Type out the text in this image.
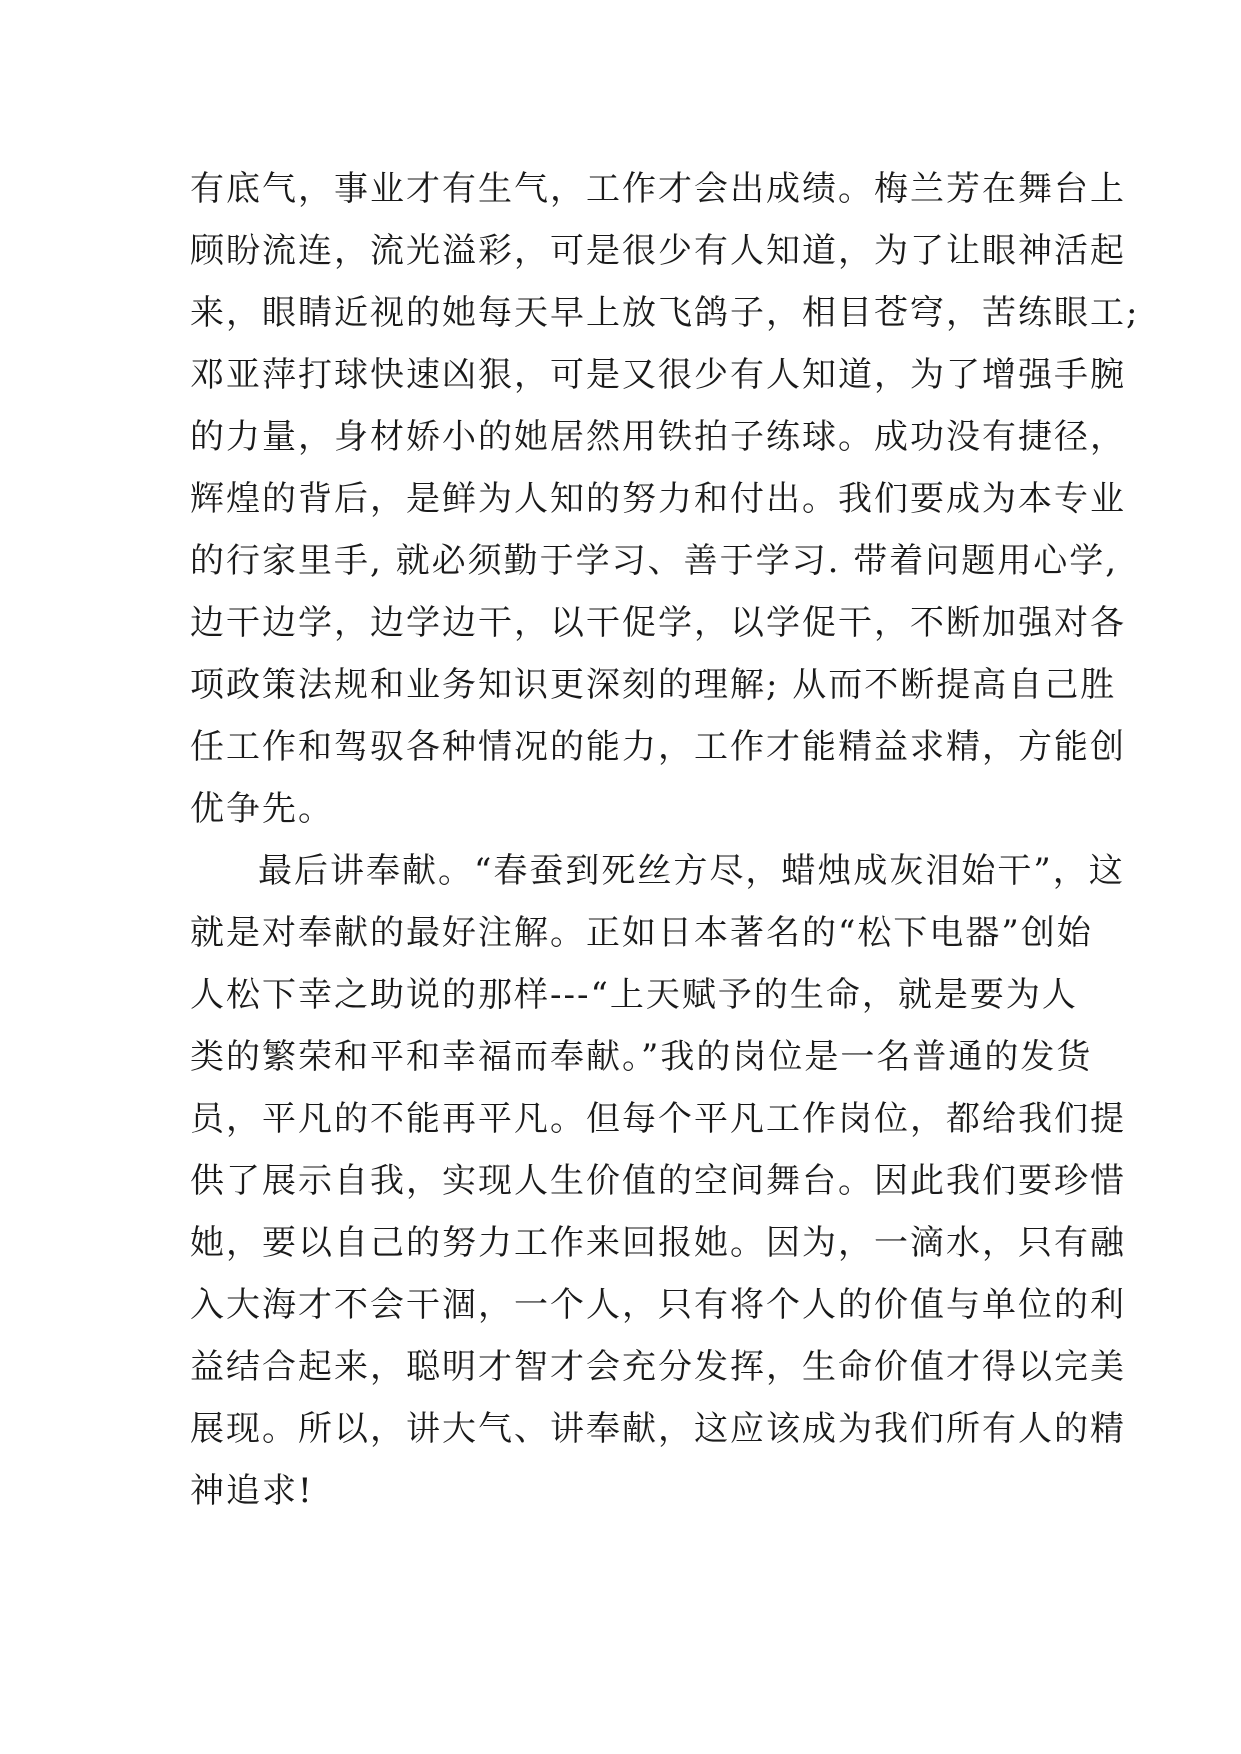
有底气，事业才有生气，工作才会出成绩。梅兰芳在舞台上
顾盼流连，流光溢彩，可是很少有人知道，为了让眼神活起
来，眼睛近视的她每天早上放飞鸽子，相目苍穹，苦练眼工;
邓亚萍打球快速凶狠，可是又很少有人知道，为了增强手腕
的力量，身材娇小的她居然用铁拍子练球。成功没有捷径，
辉煌的背后，是鲜为人知的努力和付出。我们要成为本专业
的行家里手, 就必须勤于学习、善于学习. 带着问题用心学,
边干边学，边学边干，以干促学，以学促干，不断加强对各
项政策法规和业务知识更深刻的理解; 从而不断提高自己胜
任工作和驾驭各种情况的能力，工作才能精益求精，方能创
优争先。
最后讲奉献。“春蚕到死丝方尽，蜡烛成灰泪始干”，这
就是对奉献的最好注解。正如日本著名的“松下电器”创始
人松下幸之助说的那样---“上天赋予的生命，就是要为人
类的繁荣和平和幸福而奉献。”我的岗位是一名普通的发货
员，平凡的不能再平凡。但每个平凡工作岗位，都给我们提
供了展示自我，实现人生价值的空间舞台。因此我们要珍惜
她，要以自己的努力工作来回报她。因为，一滴水，只有融
入大海才不会干涸，一个人，只有将个人的价值与单位的利
益结合起来，聪明才智才会充分发挥，生命价值才得以完美
展现。所以，讲大气、讲奉献，这应该成为我们所有人的精
神追求!
